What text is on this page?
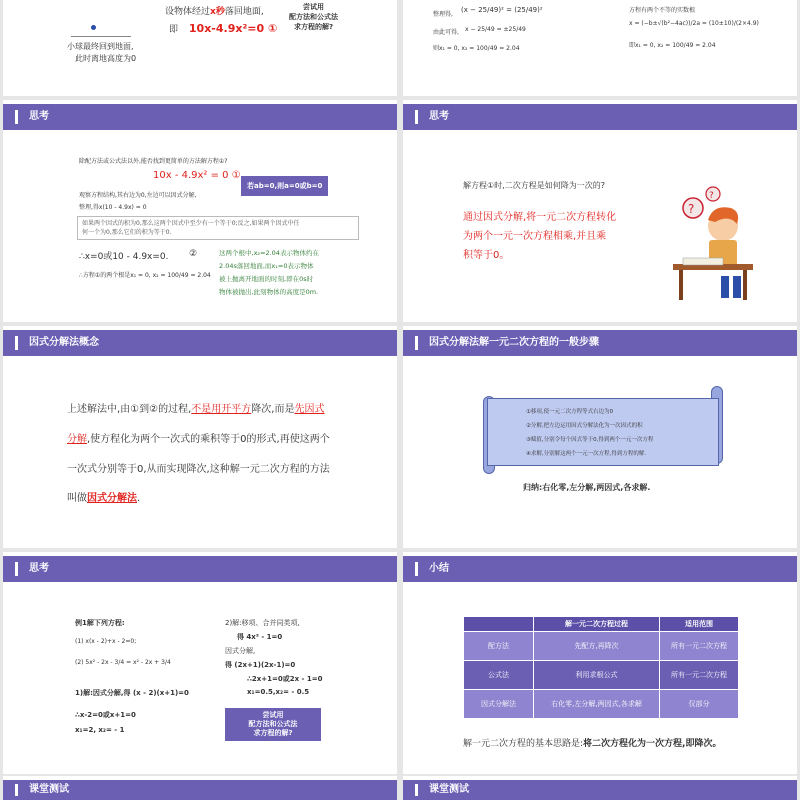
小球最终回到地面,
此时离地高度为0
设物体经过x秒落回地面,
即 10x-4.9x²=0 ①
尝试用
配方法和公式法
求方程的解?
整理得,
(x − 25/49)² = (25/49)²
由此可得, x − 25/49 = ±25/49
则x₁ = 0, x₂ = 100/49 = 2.04
方程有两个不等的实数根
x = (−b±√(b²−4ac))/2a = (10±10)/(2×4.9)
即x₁ = 0, x₂ = 100/49 = 2.04
思考
除配方法或公式法以外,能否找到更简单的方法解方程①?
10x - 4.9x² = 0 ①
若ab=0,则a=0或b=0
观察方程结构,其右边为0,左边可以因式分解,
整理,得x(10 - 4.9x) = 0
如果两个因式的积为0,那么这两个因式中至少有一个等于0;反之,如果两个因式中任
何一个为0,那么它们的积为等于0.
∴x=0或10 - 4.9x=0. ②
∴方程①的两个根是x₁ = 0, x₂ = 100/49 = 2.04
这两个根中,x₂=2.04表示物体约在
2.04s落回地面,而x₁=0表示物体
被上抛离开地面的时刻,即在0s时
物体被抛出,此刻物体的高度是0m.
思考
解方程①时,二次方程是如何降为一次的?
通过因式分解,将一元二次方程转化
为两个一元一次方程相乘,并且乘
积等于0。
?
?
因式分解法概念
上述解法中,由①到②的过程,不是用开平方降次,而是先因式
分解,使方程化为两个一次式的乘积等于0的形式,再使这两个
一次式分别等于0,从而实现降次,这种解一元二次方程的方法
叫做因式分解法.
因式分解法解一元二次方程的一般步骤
①移项,使一元二次方程等式右边为0
②分解,把左边运用因式分解法化为一次因式的积
③赋值,分别令每个因式等于0,得到两个一元一次方程
④求解,分别解这两个一元一次方程,得到方程的解.
归纳:右化零,左分解,两因式,各求解.
思考
例1解下列方程:
(1) x(x - 2)+x - 2=0;
(2) 5x² - 2x - 3/4 = x² - 2x + 3/4
1)解:因式分解,得 (x - 2)(x+1)=0
∴x-2=0或x+1=0
x₁=2, x₂= - 1
2)解:移项、合并同类项,
得 4x² - 1=0
因式分解,
得 (2x+1)(2x-1)=0
∴2x+1=0或2x - 1=0
x₁=0.5,x₂= - 0.5
尝试用
配方法和公式法
求方程的解?
小结
	解一元二次方程过程	适用范围
配方法	先配方,再降次	所有一元二次方程
公式法	利用求根公式	所有一元二次方程
因式分解法	右化零,左分解,两因式,各求解	仅部分
解一元二次方程的基本思路是:将二次方程化为一次方程,即降次。
课堂测试	课堂测试
